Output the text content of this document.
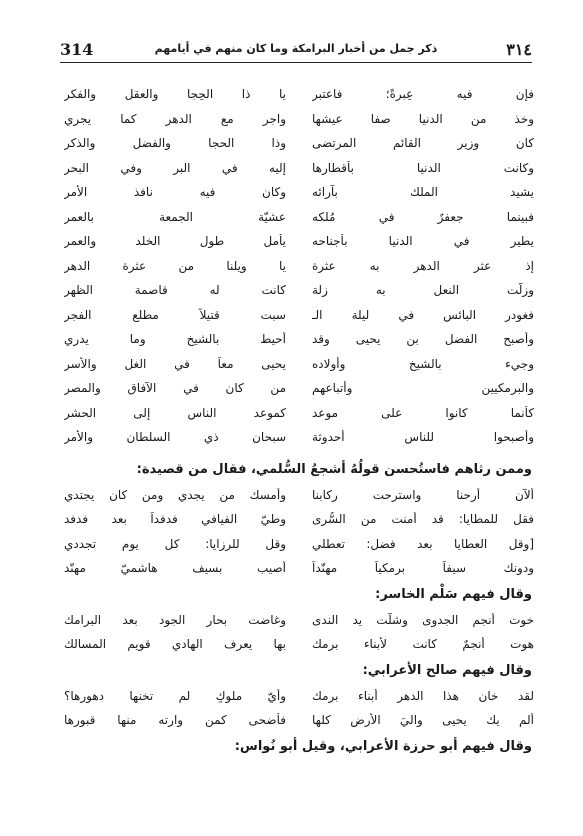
314	ذكر جمل من أخبار البرامكة وما كان منهم في أيامهم	٣١٤
فإن فيه عِبرةً؛ فاعتبر
يا ذا الحِجا والعقل والفكر
وخذ من الدنيا صفا عيشها
واجر مع الدهر كما يجري
كان وزير القائم المرتضى
وذا الحجا والفضل والذكر
وكانت الدنيا بأقطارها
إليه في البر وفي البحر
يشيد الملك بآرائه
وكان فيه نافذ الأمر
فبينما جعفرٌ في مُلكه
عشيّة الجمعة بالعمر
يطير في الدنيا بأجناحه
يأمل طول الخلد والعمر
إذ عثر الدهر به عثرة
يا ويلنا من عثرة الدهر
وزلّت النعل به زلة
كانت له قاصمة الظهر
فغودر البائس في ليلة الـ
سبت قتيلاً مطلع الفجر
وأصبح الفضل بن يحيى وقد
أحيط بالشيخ وما يدري
وجيء بالشيخ وأولاده
يحيى معاً في الغل والأسر
والبرمكيين وأتباعهم
من كان في الآفاق والمصر
كأنما كانوا على موعد
كموعد الناس إلى الحشر
وأصبحوا للناس أحدوثة
سبحان ذي السلطان والأمر
وممن رثاهم فاستُحسن قولُهُ أشجعُ السُّلمي، فقال من قصيدة:
ألآن أرحنا واسترحت ركابنا
وأمسك من يجدي ومن كان يجتدي
فقل للمطايا: قد أمنت من السُّرى
وطيّ الفيافي فدفداً بعد فدفد
[وقل العطايا بعد فضل: تعطلي
وقل للرزايا: كل يوم تجددي
ودونك سيفاً برمكياً مهنّداً
أصيب بسيف هاشميّ مهنّد
وقال فيهم سَلْم الخاسر:
خوت أنجم الجدوى وشلّت يد الندى
وغاضت بحار الجود بعد البرامك
هوت أنجمٌ كانت لأبناء برمك
بها يعرف الهادي قويم المسالك
وقال فيهم صالح الأعرابي:
لقد خان هذا الدهر أبناء برمك
وأيّ ملوكٍ لم تخنها دهورها؟
ألم يك يحيى واليَ الأرض كلها
فأضحى كمن وارته منها قبورها
وقال فيهم أبو حرزة الأعرابي، وقيل أبو نُواس:
